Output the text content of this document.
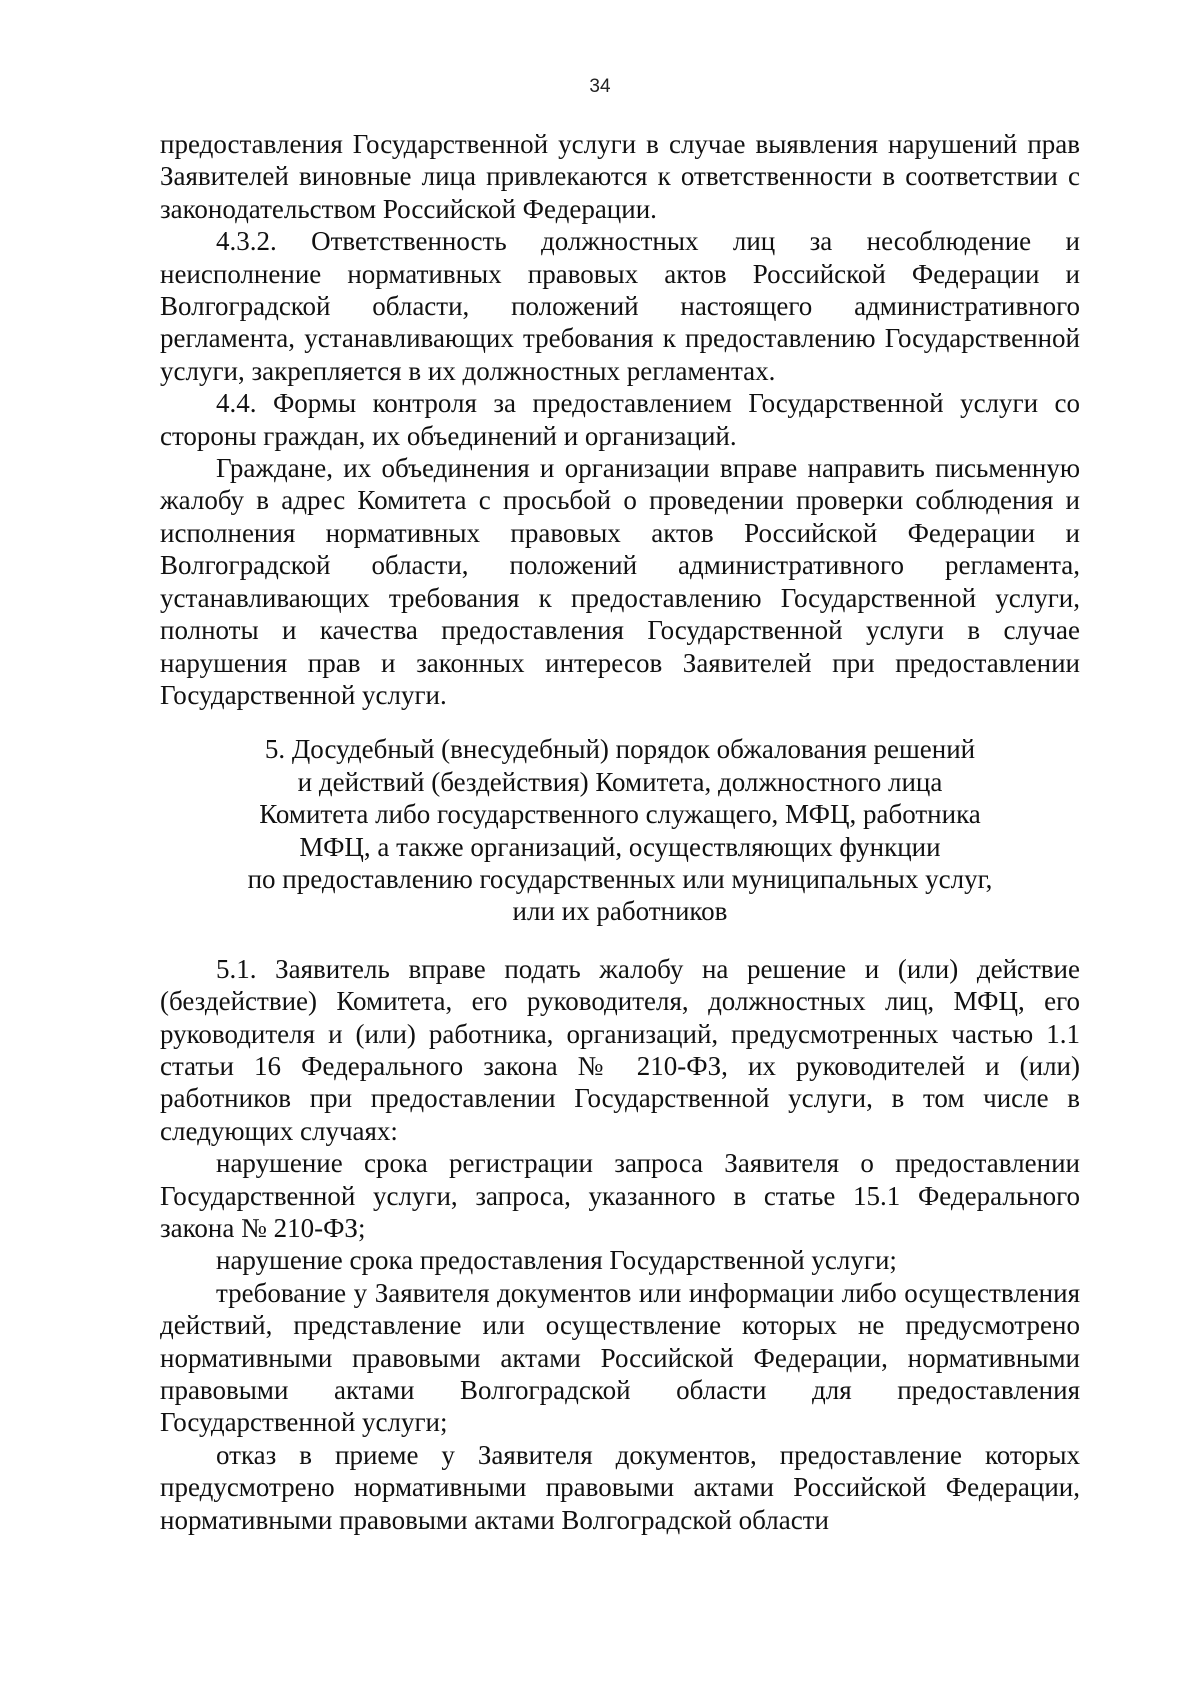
34

предоставления Государственной услуги в случае выявления нарушений прав Заявителей виновные лица привлекаются к ответственности в соответствии с законодательством Российской Федерации.

4.3.2. Ответственность должностных лиц за несоблюдение и неисполнение нормативных правовых актов Российской Федерации и Волгоградской области, положений настоящего административного регламента, устанавливающих требования к предоставлению Государственной услуги, закрепляется в их должностных регламентах.

4.4. Формы контроля за предоставлением Государственной услуги со стороны граждан, их объединений и организаций.

Граждане, их объединения и организации вправе направить письменную жалобу в адрес Комитета с просьбой о проведении проверки соблюдения и исполнения нормативных правовых актов Российской Федерации и Волгоградской области, положений административного регламента, устанавливающих требования к предоставлению Государственной услуги, полноты и качества предоставления Государственной услуги в случае нарушения прав и законных интересов Заявителей при предоставлении Государственной услуги.

5. Досудебный (внесудебный) порядок обжалования решений
и действий (бездействия) Комитета, должностного лица
Комитета либо государственного служащего, МФЦ, работника
МФЦ, а также организаций, осуществляющих функции
по предоставлению государственных или муниципальных услуг,
или их работников

5.1. Заявитель вправе подать жалобу на решение и (или) действие (бездействие) Комитета, его руководителя, должностных лиц, МФЦ, его руководителя и (или) работника, организаций, предусмотренных частью 1.1 статьи 16 Федерального закона № 210-ФЗ, их руководителей и (или) работников при предоставлении Государственной услуги, в том числе в следующих случаях:

нарушение срока регистрации запроса Заявителя о предоставлении Государственной услуги, запроса, указанного в статье 15.1 Федерального закона № 210-ФЗ;

нарушение срока предоставления Государственной услуги;

требование у Заявителя документов или информации либо осуществления действий, представление или осуществление которых не предусмотрено нормативными правовыми актами Российской Федерации, нормативными правовыми актами Волгоградской области для предоставления Государственной услуги;

отказ в приеме у Заявителя документов, предоставление которых предусмотрено нормативными правовыми актами Российской Федерации, нормативными правовыми актами Волгоградской области
